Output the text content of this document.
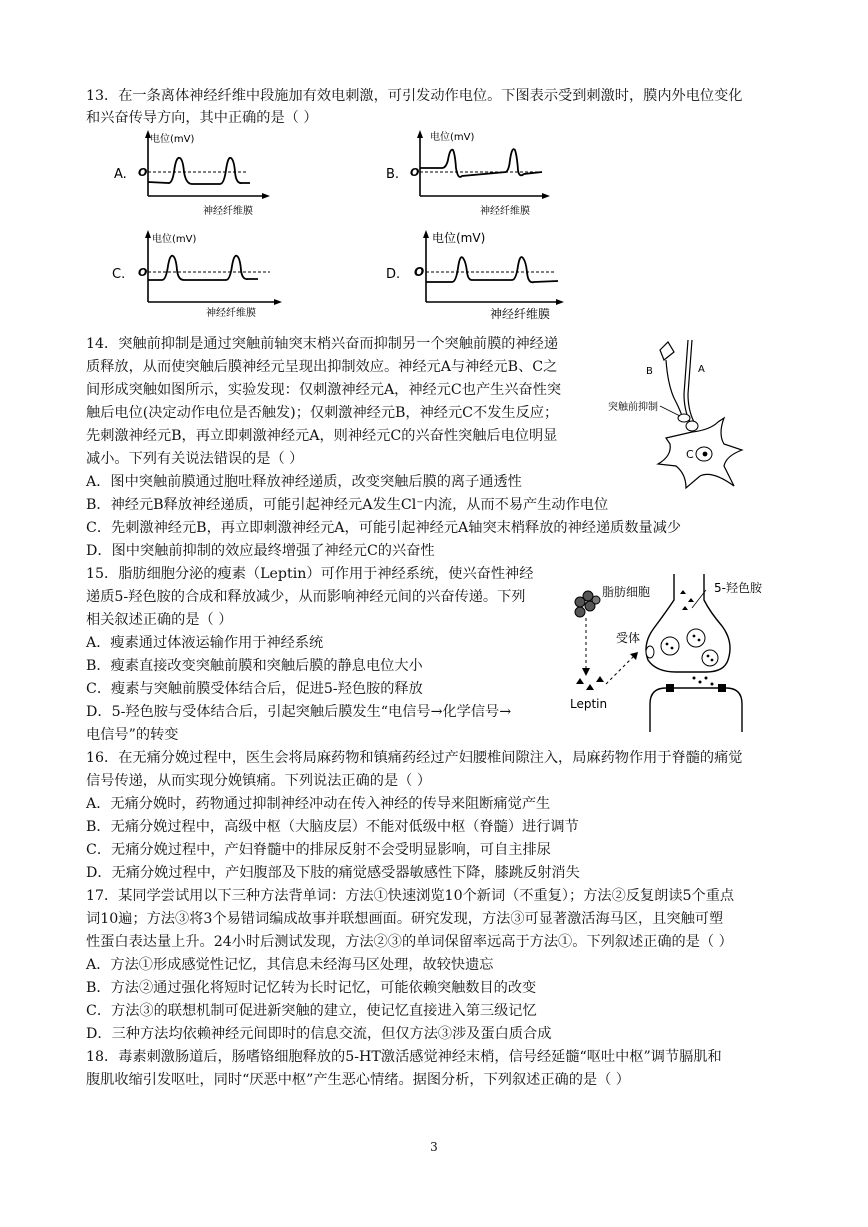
13．在一条离体神经纤维中段施加有效电刺激，可引发动作电位。下图表示受到刺激时，膜内外电位变化
和兴奋传导方向，其中正确的是（ ）
A.
电位(mV)
O
神经纤维膜
B.
电位(mV)
O
神经纤维膜
C.
电位(mV)
O
神经纤维膜
D.
电位(mV)
O
神经纤维膜
14．突触前抑制是通过突触前轴突末梢兴奋而抑制另一个突触前膜的神经递
质释放，从而使突触后膜神经元呈现出抑制效应。神经元A与神经元B、C之
间形成突触如图所示，实验发现：仅刺激神经元A，神经元C也产生兴奋性突
触后电位(决定动作电位是否触发)；仅刺激神经元B，神经元C不发生反应；
先刺激神经元B，再立即刺激神经元A，则神经元C的兴奋性突触后电位明显
减小。下列有关说法错误的是（ ）
A．图中突触前膜通过胞吐释放神经递质，改变突触后膜的离子通透性
B．神经元B释放神经递质，可能引起神经元A发生Cl⁻内流，从而不易产生动作电位
C．先刺激神经元B，再立即刺激神经元A，可能引起神经元A轴突末梢释放的神经递质数量减少
D．图中突触前抑制的效应最终增强了神经元C的兴奋性
B	A
突触前抑制
C
15．脂肪细胞分泌的瘦素（Leptin）可作用于神经系统，使兴奋性神经
递质5-羟色胺的合成和释放减少，从而影响神经元间的兴奋传递。下列
相关叙述正确的是（ ）
A．瘦素通过体液运输作用于神经系统
B．瘦素直接改变突触前膜和突触后膜的静息电位大小
C．瘦素与突触前膜受体结合后，促进5-羟色胺的释放
D．5-羟色胺与受体结合后，引起突触后膜发生“电信号→化学信号→
电信号”的转变
脂肪细胞
Leptin
受体
5-羟色胺
16．在无痛分娩过程中，医生会将局麻药物和镇痛药经过产妇腰椎间隙注入，局麻药物作用于脊髓的痛觉
信号传递，从而实现分娩镇痛。下列说法正确的是（ ）
A．无痛分娩时，药物通过抑制神经冲动在传入神经的传导来阻断痛觉产生
B．无痛分娩过程中，高级中枢（大脑皮层）不能对低级中枢（脊髓）进行调节
C．无痛分娩过程中，产妇脊髓中的排尿反射不会受明显影响，可自主排尿
D．无痛分娩过程中，产妇腹部及下肢的痛觉感受器敏感性下降，膝跳反射消失
17．某同学尝试用以下三种方法背单词：方法①快速浏览10个新词（不重复）；方法②反复朗读5个重点
词10遍；方法③将3个易错词编成故事并联想画面。研究发现，方法③可显著激活海马区，且突触可塑
性蛋白表达量上升。24小时后测试发现，方法②③的单词保留率远高于方法①。下列叙述正确的是（ ）
A．方法①形成感觉性记忆，其信息未经海马区处理，故较快遗忘
B．方法②通过强化将短时记忆转为长时记忆，可能依赖突触数目的改变
C．方法③的联想机制可促进新突触的建立，使记忆直接进入第三级记忆
D．三种方法均依赖神经元间即时的信息交流，但仅方法③涉及蛋白质合成
18．毒素刺激肠道后，肠嗜铬细胞释放的5-HT激活感觉神经末梢，信号经延髓“呕吐中枢”调节膈肌和
腹肌收缩引发呕吐，同时“厌恶中枢”产生恶心情绪。据图分析，下列叙述正确的是（ ）
3
